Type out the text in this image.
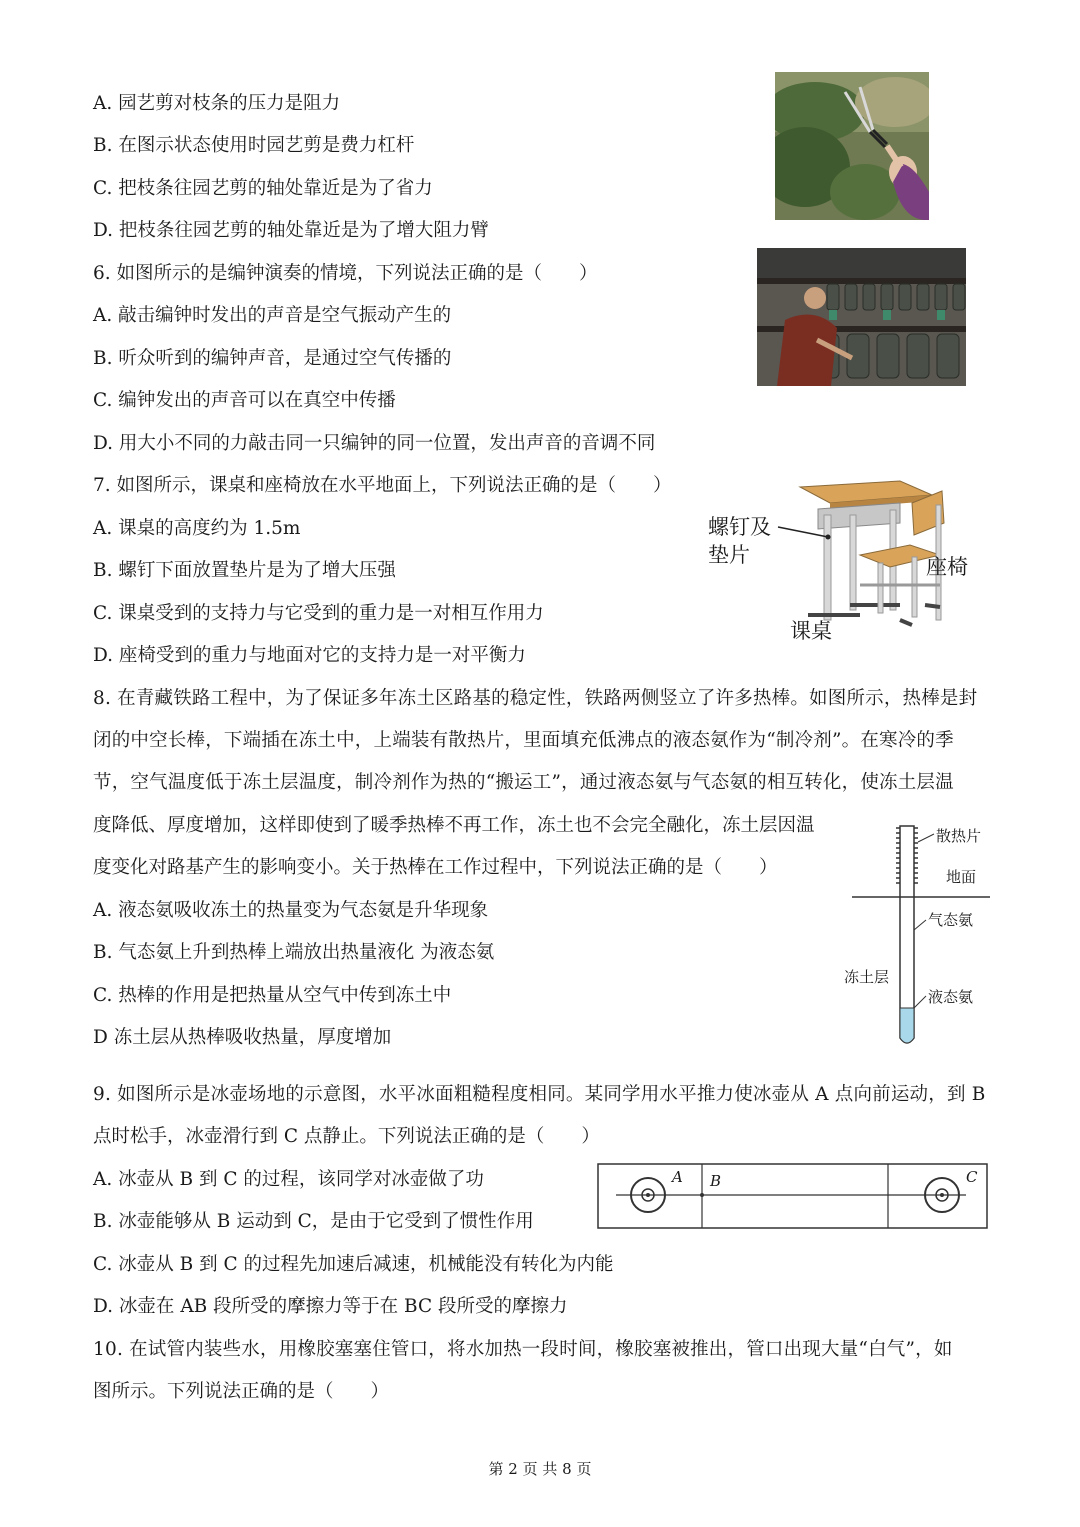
A. 园艺剪对枝条的压力是阻力
B. 在图示状态使用时园艺剪是费力杠杆
C. 把枝条往园艺剪的轴处靠近是为了省力
D. 把枝条往园艺剪的轴处靠近是为了增大阻力臂
6. 如图所示的是编钟演奏的情境，下列说法正确的是（　　）
A. 敲击编钟时发出的声音是空气振动产生的
B. 听众听到的编钟声音，是通过空气传播的
C. 编钟发出的声音可以在真空中传播
D. 用大小不同的力敲击同一只编钟的同一位置，发出声音的音调不同
7. 如图所示，课桌和座椅放在水平地面上，下列说法正确的是（　　）
A. 课桌的高度约为 1.5m
B. 螺钉下面放置垫片是为了增大压强
C. 课桌受到的支持力与它受到的重力是一对相互作用力
D. 座椅受到的重力与地面对它的支持力是一对平衡力
螺钉及
垫片	座椅
课桌
8. 在青藏铁路工程中，为了保证多年冻土区路基的稳定性，铁路两侧竖立了许多热棒。如图所示，热棒是封
闭的中空长棒，下端插在冻土中，上端装有散热片，里面填充低沸点的液态氨作为“制冷剂”。在寒冷的季
节，空气温度低于冻土层温度，制冷剂作为热的“搬运工”，通过液态氨与气态氨的相互转化，使冻土层温
度降低、厚度增加，这样即使到了暖季热棒不再工作，冻土也不会完全融化，冻土层因温
度变化对路基产生的影响变小。关于热棒在工作过程中，下列说法正确的是（　　）
A. 液态氨吸收冻土的热量变为气态氨是升华现象
B. 气态氨上升到热棒上端放出热量液化 为液态氨
C. 热棒的作用是把热量从空气中传到冻土中
D 冻土层从热棒吸收热量，厚度增加
散热片
地面
气态氨
冻土层
液态氨
9. 如图所示是冰壶场地的示意图，水平冰面粗糙程度相同。某同学用水平推力使冰壶从 A 点向前运动，到 B
点时松手，冰壶滑行到 C 点静止。下列说法正确的是（　　）
A. 冰壶从 B 到 C 的过程，该同学对冰壶做了功
B. 冰壶能够从 B 运动到 C，是由于它受到了惯性作用
C. 冰壶从 B 到 C 的过程先加速后减速，机械能没有转化为内能
D. 冰壶在 AB 段所受的摩擦力等于在 BC 段所受的摩擦力
A B	C
10. 在试管内装些水，用橡胶塞塞住管口，将水加热一段时间，橡胶塞被推出，管口出现大量“白气”，如
图所示。下列说法正确的是（　　）
第 2 页 共 8 页
